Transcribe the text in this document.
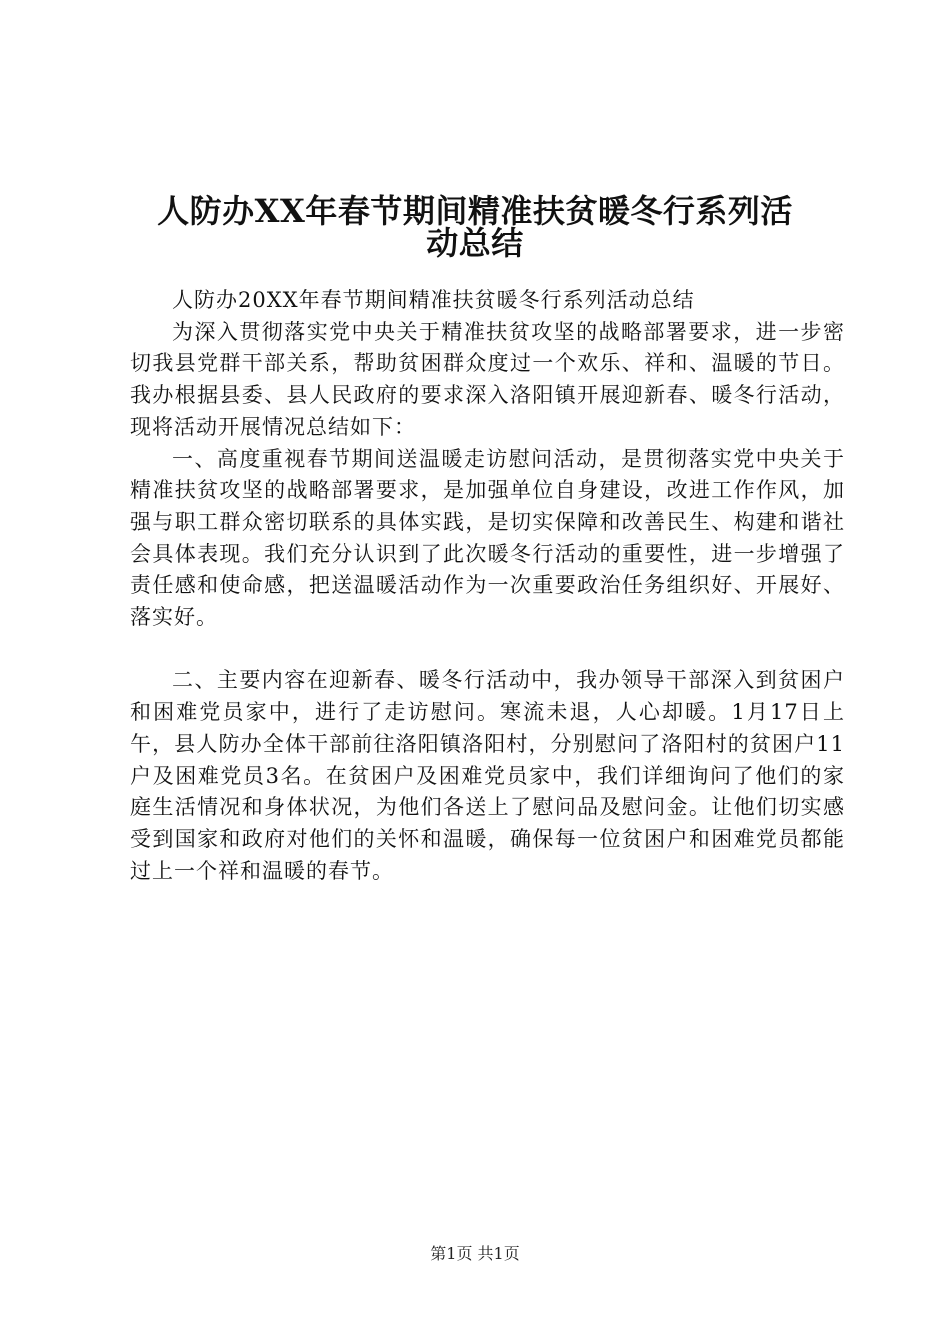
人防办XX年春节期间精准扶贫暖冬行系列活
动总结

人防办20XX年春节期间精准扶贫暖冬行系列活动总结

为深入贯彻落实党中央关于精准扶贫攻坚的战略部署要求，进一步密切我县党群干部关系，帮助贫困群众度过一个欢乐、祥和、温暖的节日。我办根据县委、县人民政府的要求深入洛阳镇开展迎新春、暖冬行活动，现将活动开展情况总结如下：

一、高度重视春节期间送温暖走访慰问活动，是贯彻落实党中央关于精准扶贫攻坚的战略部署要求，是加强单位自身建设，改进工作作风，加强与职工群众密切联系的具体实践，是切实保障和改善民生、构建和谐社会具体表现。我们充分认识到了此次暖冬行活动的重要性，进一步增强了责任感和使命感，把送温暖活动作为一次重要政治任务组织好、开展好、落实好。

二、主要内容在迎新春、暖冬行活动中，我办领导干部深入到贫困户和困难党员家中，进行了走访慰问。寒流未退，人心却暖。1月17日上午，县人防办全体干部前往洛阳镇洛阳村，分别慰问了洛阳村的贫困户11户及困难党员3名。在贫困户及困难党员家中，我们详细询问了他们的家庭生活情况和身体状况，为他们各送上了慰问品及慰问金。让他们切实感受到国家和政府对他们的关怀和温暖，确保每一位贫困户和困难党员都能过上一个祥和温暖的春节。

第1页 共1页
